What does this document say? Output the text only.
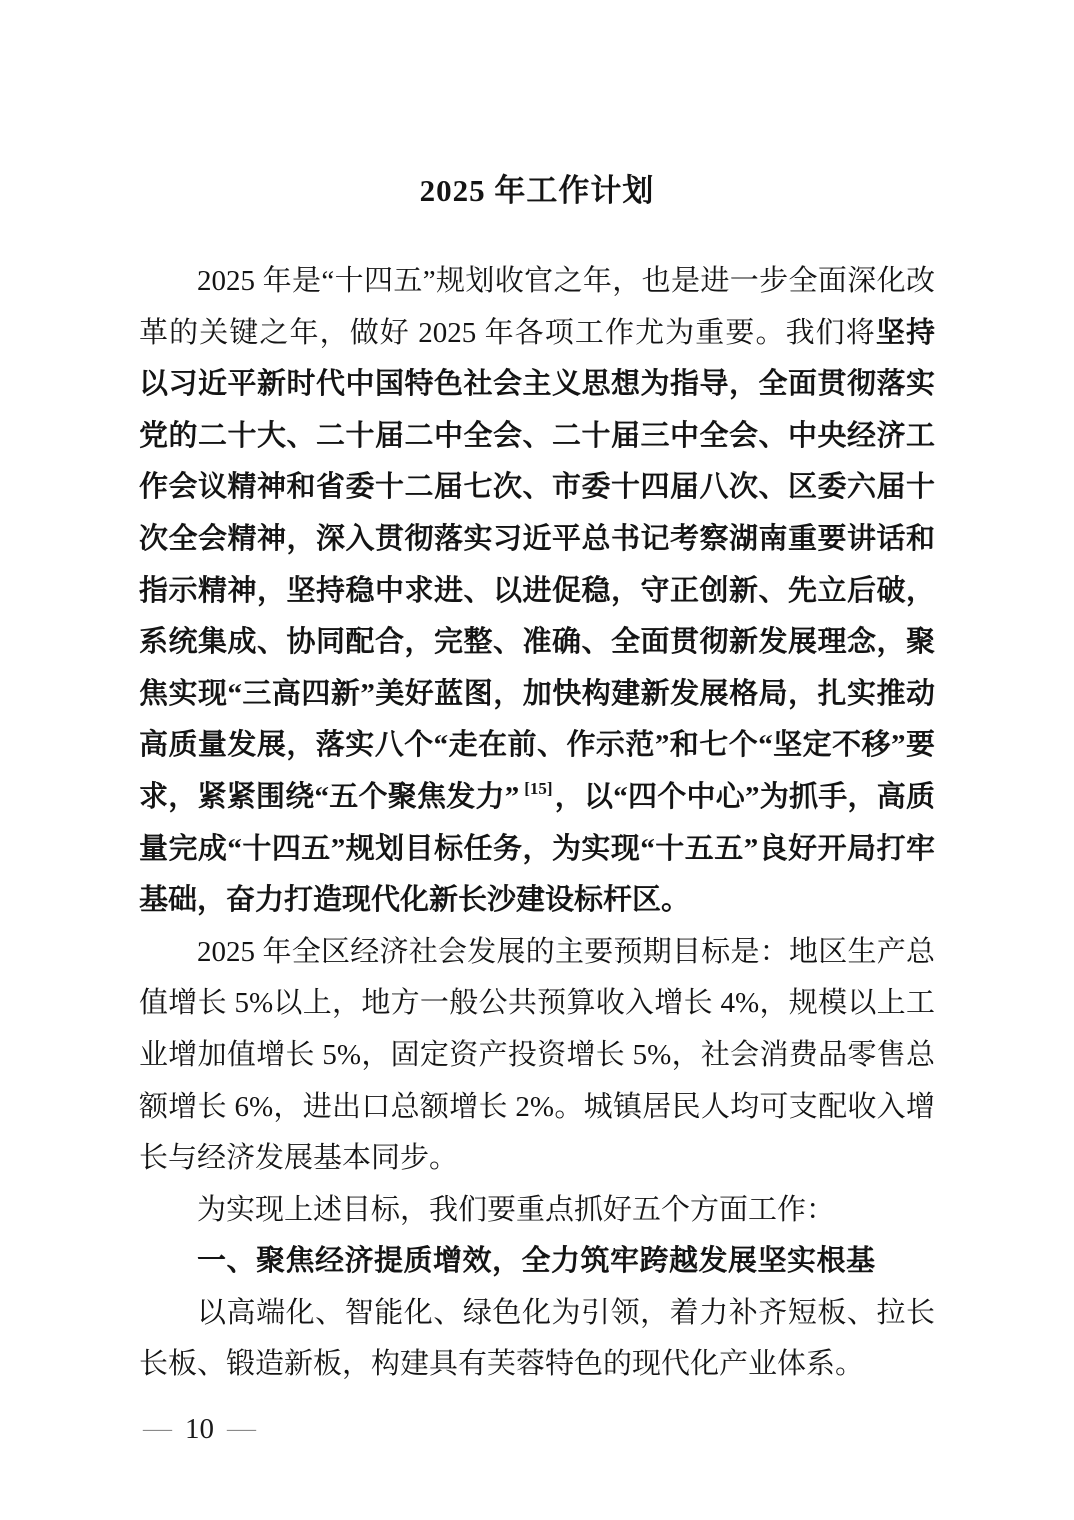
2025 年工作计划

2025 年是“十四五”规划收官之年，也是进一步全面深化改革的关键之年，做好 2025 年各项工作尤为重要。我们将坚持以习近平新时代中国特色社会主义思想为指导，全面贯彻落实党的二十大、二十届二中全会、二十届三中全会、中央经济工作会议精神和省委十二届七次、市委十四届八次、区委六届十次全会精神，深入贯彻落实习近平总书记考察湖南重要讲话和指示精神，坚持稳中求进、以进促稳，守正创新、先立后破，系统集成、协同配合，完整、准确、全面贯彻新发展理念，聚焦实现“三高四新”美好蓝图，加快构建新发展格局，扎实推动高质量发展，落实八个“走在前、作示范”和七个“坚定不移”要求，紧紧围绕“五个聚焦发力” [15]，以“四个中心”为抓手，高质量完成“十四五”规划目标任务，为实现“十五五”良好开局打牢基础，奋力打造现代化新长沙建设标杆区。

2025 年全区经济社会发展的主要预期目标是：地区生产总值增长 5%以上，地方一般公共预算收入增长 4%，规模以上工业增加值增长 5%，固定资产投资增长 5%，社会消费品零售总额增长 6%，进出口总额增长 2%。城镇居民人均可支配收入增长与经济发展基本同步。

为实现上述目标，我们要重点抓好五个方面工作：

一、聚焦经济提质增效，全力筑牢跨越发展坚实根基

以高端化、智能化、绿色化为引领，着力补齐短板、拉长长板、锻造新板，构建具有芙蓉特色的现代化产业体系。

— 10 —
